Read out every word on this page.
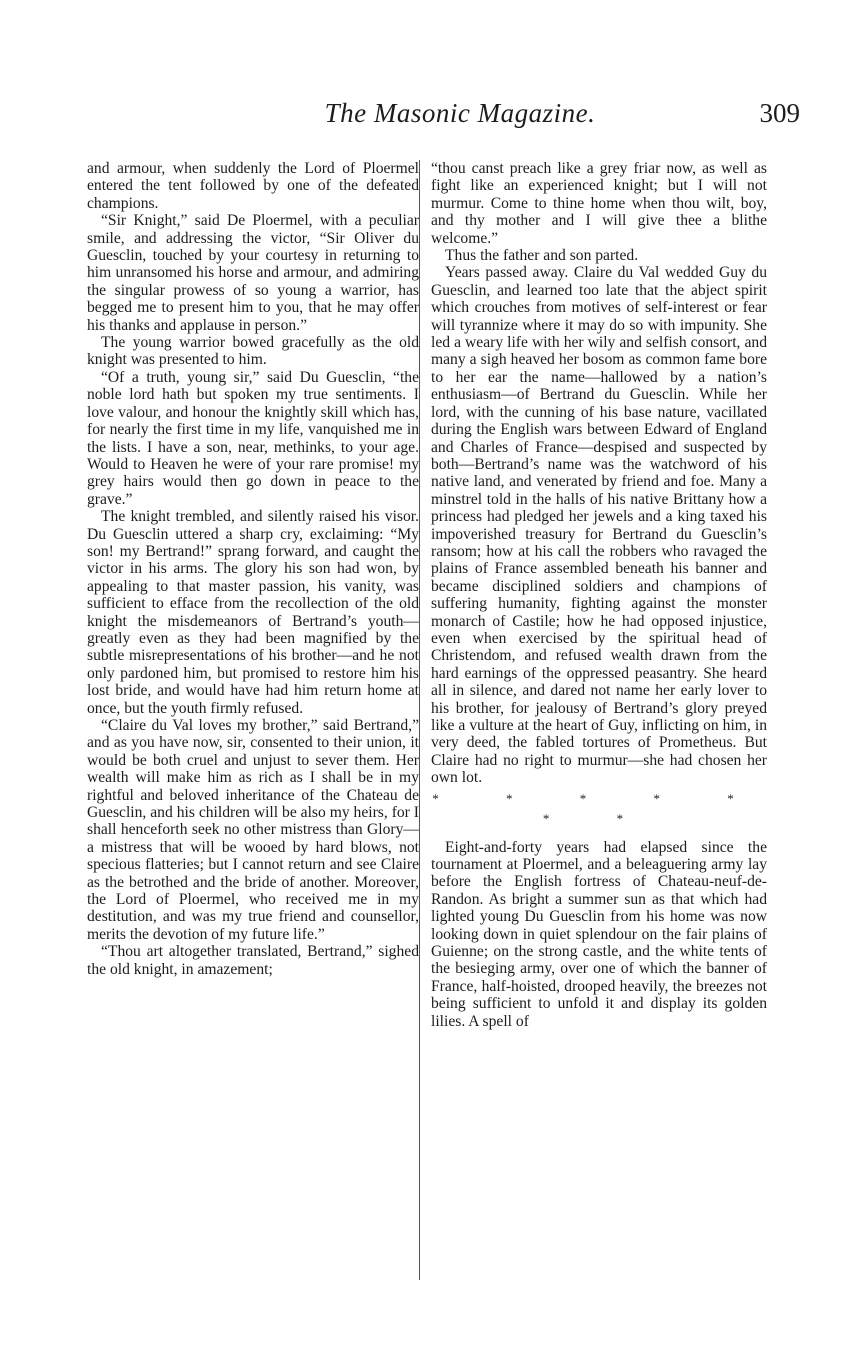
The Masonic Magazine.	309

and armour, when suddenly the Lord of Ploermel entered the tent followed by one of the defeated champions.

“Sir Knight,” said De Ploermel, with a peculiar smile, and addressing the victor, “Sir Oliver du Guesclin, touched by your courtesy in returning to him unransomed his horse and armour, and admiring the singular prowess of so young a warrior, has begged me to present him to you, that he may offer his thanks and applause in person.”

The young warrior bowed gracefully as the old knight was presented to him.

“Of a truth, young sir,” said Du Guesclin, “the noble lord hath but spoken my true sentiments. I love valour, and honour the knightly skill which has, for nearly the first time in my life, vanquished me in the lists. I have a son, near, methinks, to your age. Would to Heaven he were of your rare promise! my grey hairs would then go down in peace to the grave.”

The knight trembled, and silently raised his visor. Du Guesclin uttered a sharp cry, exclaiming: “My son! my Bertrand!” sprang forward, and caught the victor in his arms. The glory his son had won, by appealing to that master passion, his vanity, was sufficient to efface from the recollection of the old knight the misdemeanors of Bertrand’s youth—greatly even as they had been magnified by the subtle misrepresentations of his brother—and he not only pardoned him, but promised to restore him his lost bride, and would have had him return home at once, but the youth firmly refused.

“Claire du Val loves my brother,” said Bertrand,” and as you have now, sir, consented to their union, it would be both cruel and unjust to sever them. Her wealth will make him as rich as I shall be in my rightful and beloved inheritance of the Chateau de Guesclin, and his children will be also my heirs, for I shall henceforth seek no other mistress than Glory—a mistress that will be wooed by hard blows, not specious flatteries; but I cannot return and see Claire as the betrothed and the bride of another. Moreover, the Lord of Ploermel, who received me in my destitution, and was my true friend and counsellor, merits the devotion of my future life.”

“Thou art altogether translated, Bertrand,” sighed the old knight, in amazement;

“thou canst preach like a grey friar now, as well as fight like an experienced knight; but I will not murmur. Come to thine home when thou wilt, boy, and thy mother and I will give thee a blithe welcome.”

Thus the father and son parted.

Years passed away. Claire du Val wedded Guy du Guesclin, and learned too late that the abject spirit which crouches from motives of self-interest or fear will tyrannize where it may do so with impunity. She led a weary life with her wily and selfish consort, and many a sigh heaved her bosom as common fame bore to her ear the name—hallowed by a nation’s enthusiasm—of Bertrand du Guesclin. While her lord, with the cunning of his base nature, vacillated during the English wars between Edward of England and Charles of France—despised and suspected by both—Bertrand’s name was the watchword of his native land, and venerated by friend and foe. Many a minstrel told in the halls of his native Brittany how a princess had pledged her jewels and a king taxed his impoverished treasury for Bertrand du Guesclin’s ransom; how at his call the robbers who ravaged the plains of France assembled beneath his banner and became disciplined soldiers and champions of suffering humanity, fighting against the monster monarch of Castile; how he had opposed injustice, even when exercised by the spiritual head of Christendom, and refused wealth drawn from the hard earnings of the oppressed peasantry. She heard all in silence, and dared not name her early lover to his brother, for jealousy of Bertrand’s glory preyed like a vulture at the heart of Guy, inflicting on him, in very deed, the fabled tortures of Prometheus. But Claire had no right to murmur—she had chosen her own lot.

* * * * * * *

Eight-and-forty years had elapsed since the tournament at Ploermel, and a beleaguering army lay before the English fortress of Chateau-neuf-de-Randon. As bright a summer sun as that which had lighted young Du Guesclin from his home was now looking down in quiet splendour on the fair plains of Guienne; on the strong castle, and the white tents of the besieging army, over one of which the banner of France, half-hoisted, drooped heavily, the breezes not being sufficient to unfold it and display its golden lilies. A spell of
